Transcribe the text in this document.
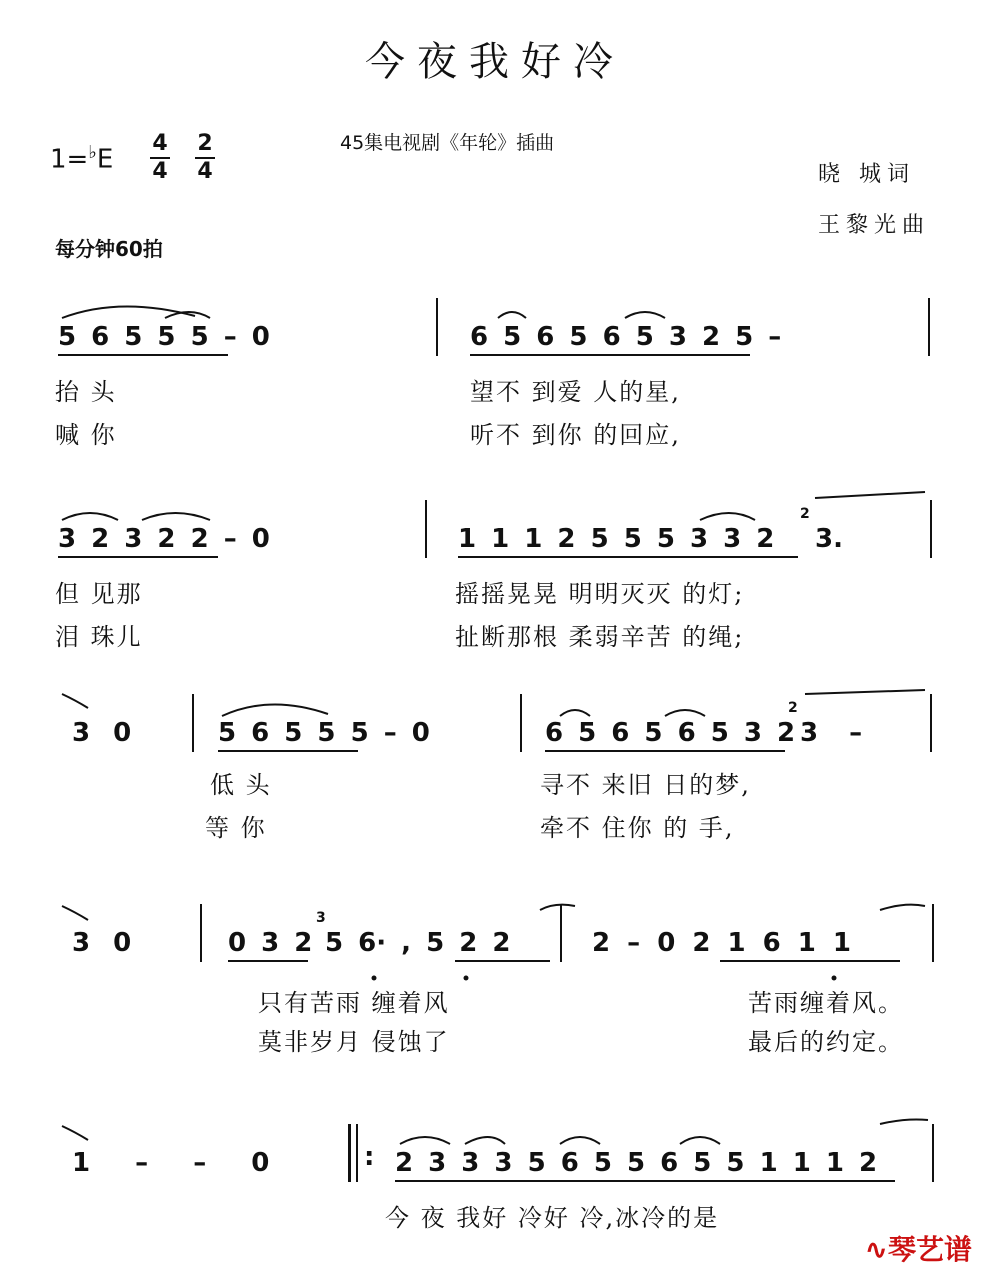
今夜我好冷
1=♭E
4
4
2
4
45集电视剧《年轮》插曲
晓 城词
王黎光曲
每分钟60拍
5 6 5 5 5 – 0	6 5 6 5 6 5 3 2 5 –
抬 头	望不 到爱 人的星,
喊 你	听不 到你 的回应,
3 2 3 2 2 – 0	1 1 1 2 5 5 5 3 3 2
2
3.
但 见那	摇摇晃晃 明明灭灭 的灯;
泪 珠儿	扯断那根 柔弱辛苦 的绳;
3 0	5 6 5 5 5 – 0	6 5 6 5 6 5 3 2
2
3 –
低 头	寻不 来旧 日的梦,
等 你	牵不 住你 的 手,
3 0	0 3 2
3
5 6· , 5 2 2	2 – 0 2 1 6 1 1
只有苦雨 缠着风	苦雨缠着风。
莫非岁月 侵蚀了	最后的约定。
1 – – 0	: 2 3 3 3 5 6 5 5 6 5 5 1 1 1 2
今 夜 我好 冷好 冷,冰冷的是
∿琴艺谱
